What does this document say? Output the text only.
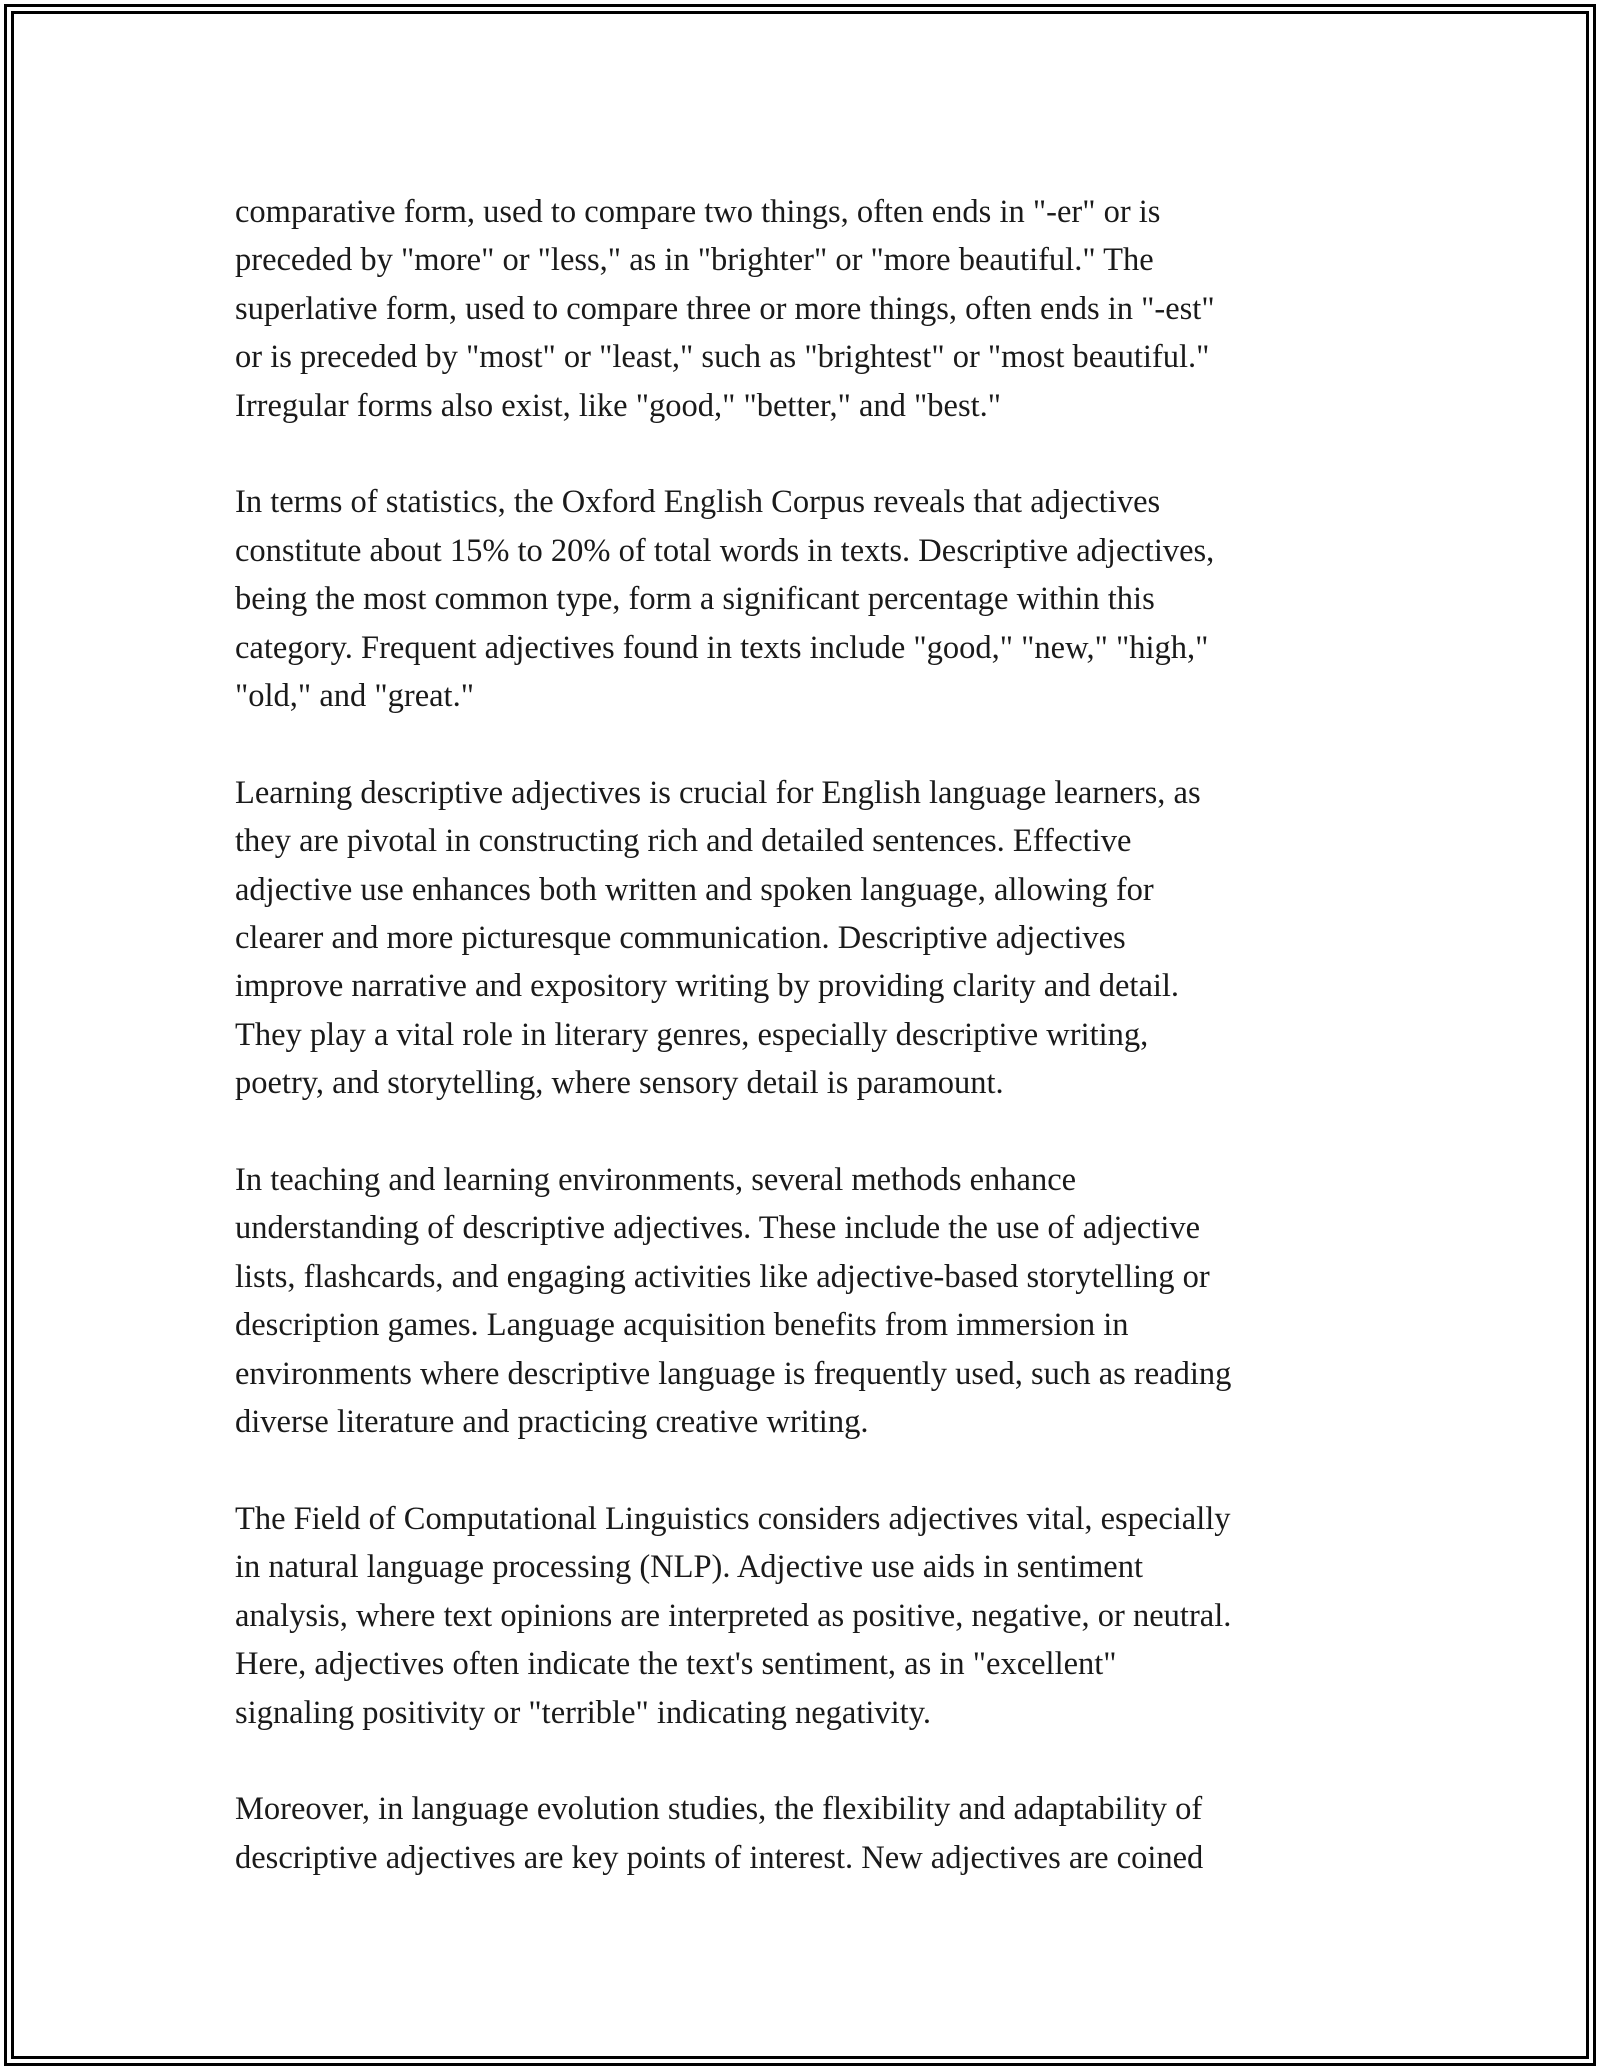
comparative form, used to compare two things, often ends in "-er" or is
preceded by "more" or "less," as in "brighter" or "more beautiful." The
superlative form, used to compare three or more things, often ends in "-est"
or is preceded by "most" or "least," such as "brightest" or "most beautiful."
Irregular forms also exist, like "good," "better," and "best."

In terms of statistics, the Oxford English Corpus reveals that adjectives
constitute about 15% to 20% of total words in texts. Descriptive adjectives,
being the most common type, form a significant percentage within this
category. Frequent adjectives found in texts include "good," "new," "high,"
"old," and "great."

Learning descriptive adjectives is crucial for English language learners, as
they are pivotal in constructing rich and detailed sentences. Effective
adjective use enhances both written and spoken language, allowing for
clearer and more picturesque communication. Descriptive adjectives
improve narrative and expository writing by providing clarity and detail.
They play a vital role in literary genres, especially descriptive writing,
poetry, and storytelling, where sensory detail is paramount.

In teaching and learning environments, several methods enhance
understanding of descriptive adjectives. These include the use of adjective
lists, flashcards, and engaging activities like adjective-based storytelling or
description games. Language acquisition benefits from immersion in
environments where descriptive language is frequently used, such as reading
diverse literature and practicing creative writing.

The Field of Computational Linguistics considers adjectives vital, especially
in natural language processing (NLP). Adjective use aids in sentiment
analysis, where text opinions are interpreted as positive, negative, or neutral.
Here, adjectives often indicate the text's sentiment, as in "excellent"
signaling positivity or "terrible" indicating negativity.

Moreover, in language evolution studies, the flexibility and adaptability of
descriptive adjectives are key points of interest. New adjectives are coined
